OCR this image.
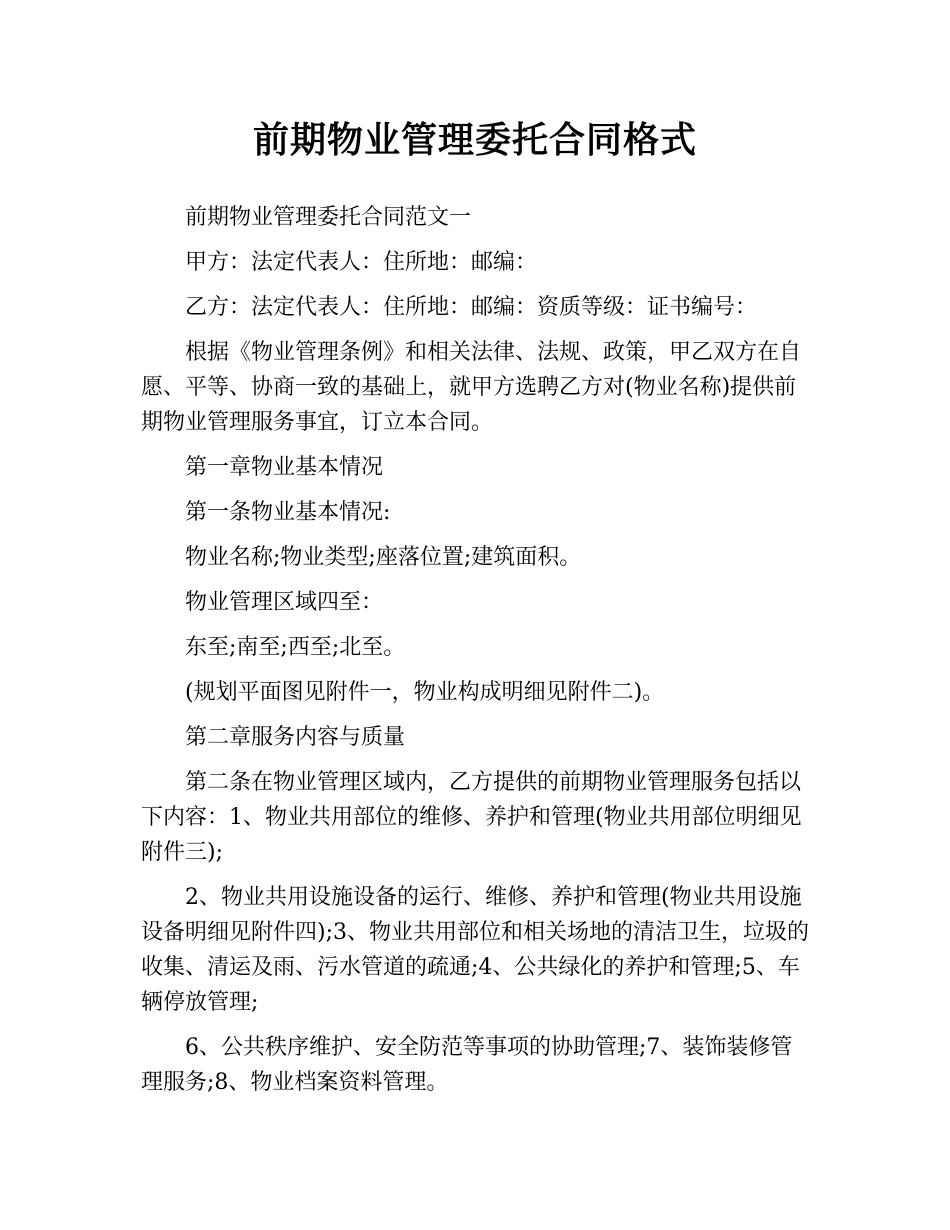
前期物业管理委托合同格式

前期物业管理委托合同范文一

甲方：法定代表人：住所地：邮编：

乙方：法定代表人：住所地：邮编：资质等级：证书编号：

根据《物业管理条例》和相关法律、法规、政策，甲乙双方在自愿、平等、协商一致的基础上，就甲方选聘乙方对(物业名称)提供前期物业管理服务事宜，订立本合同。

第一章物业基本情况

第一条物业基本情况:

物业名称;物业类型;座落位置;建筑面积。

物业管理区域四至：

东至;南至;西至;北至。

(规划平面图见附件一，物业构成明细见附件二)。

第二章服务内容与质量

第二条在物业管理区域内，乙方提供的前期物业管理服务包括以下内容：1、物业共用部位的维修、养护和管理(物业共用部位明细见附件三);

2、物业共用设施设备的运行、维修、养护和管理(物业共用设施设备明细见附件四);3、物业共用部位和相关场地的清洁卫生，垃圾的收集、清运及雨、污水管道的疏通;4、公共绿化的养护和管理;5、车辆停放管理;

6、公共秩序维护、安全防范等事项的协助管理;7、装饰装修管理服务;8、物业档案资料管理。
